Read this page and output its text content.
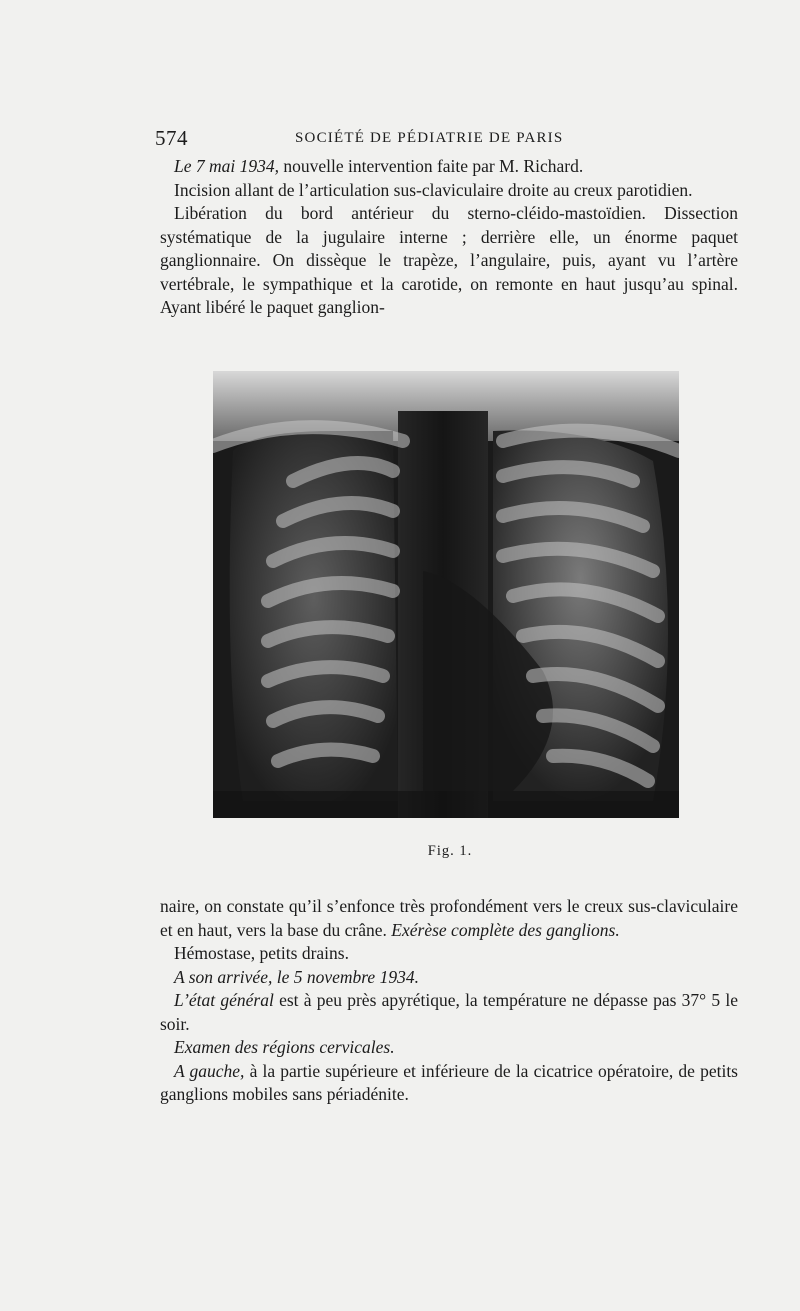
574	SOCIÉTÉ DE PÉDIATRIE DE PARIS

Le 7 mai 1934, nouvelle intervention faite par M. Richard.

Incision allant de l’articulation sus-claviculaire droite au creux parotidien.

Libération du bord antérieur du sterno-cléido-mastoïdien. Dissection systématique de la jugulaire interne ; derrière elle, un énorme paquet ganglionnaire. On dissèque le trapèze, l’angulaire, puis, ayant vu l’artère vertébrale, le sympathique et la carotide, on remonte en haut jusqu’au spinal. Ayant libéré le paquet ganglion-

Fig. 1.

naire, on constate qu’il s’enfonce très profondément vers le creux sus-claviculaire et en haut, vers la base du crâne. Exérèse complète des ganglions.

Hémostase, petits drains.

A son arrivée, le 5 novembre 1934.

L’état général est à peu près apyrétique, la température ne dépasse pas 37° 5 le soir.

Examen des régions cervicales.

A gauche, à la partie supérieure et inférieure de la cicatrice opératoire, de petits ganglions mobiles sans périadénite.
